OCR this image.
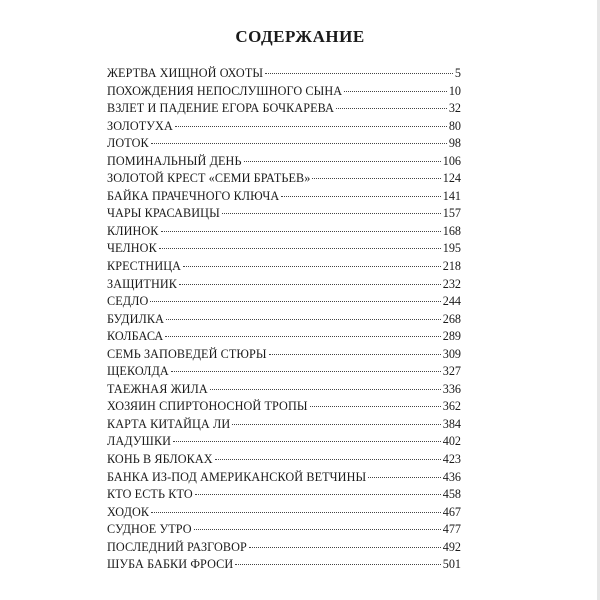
СОДЕРЖАНИЕ
ЖЕРТВА ХИЩНОЙ ОХОТЫ	5
ПОХОЖДЕНИЯ НЕПОСЛУШНОГО СЫНА	10
ВЗЛЕТ И ПАДЕНИЕ ЕГОРА БОЧКАРЕВА	32
ЗОЛОТУХА	80
ЛОТОК	98
ПОМИНАЛЬНЫЙ ДЕНЬ	106
ЗОЛОТОЙ КРЕСТ «СЕМИ БРАТЬЕВ»	124
БАЙКА ПРАЧЕЧНОГО КЛЮЧА	141
ЧАРЫ КРАСАВИЦЫ	157
КЛИНОК	168
ЧЕЛНОК	195
КРЕСТНИЦА	218
ЗАЩИТНИК	232
СЕДЛО	244
БУДИЛКА	268
КОЛБАСА	289
СЕМЬ ЗАПОВЕДЕЙ СТЮРЫ	309
ЩЕКОЛДА	327
ТАЕЖНАЯ ЖИЛА	336
ХОЗЯИН СПИРТОНОСНОЙ ТРОПЫ	362
КАРТА КИТАЙЦА ЛИ	384
ЛАДУШКИ	402
КОНЬ В ЯБЛОКАХ	423
БАНКА ИЗ-ПОД АМЕРИКАНСКОЙ ВЕТЧИНЫ	436
КТО ЕСТЬ КТО	458
ХОДОК	467
СУДНОЕ УТРО	477
ПОСЛЕДНИЙ РАЗГОВОР	492
ШУБА БАБКИ ФРОСИ	501
